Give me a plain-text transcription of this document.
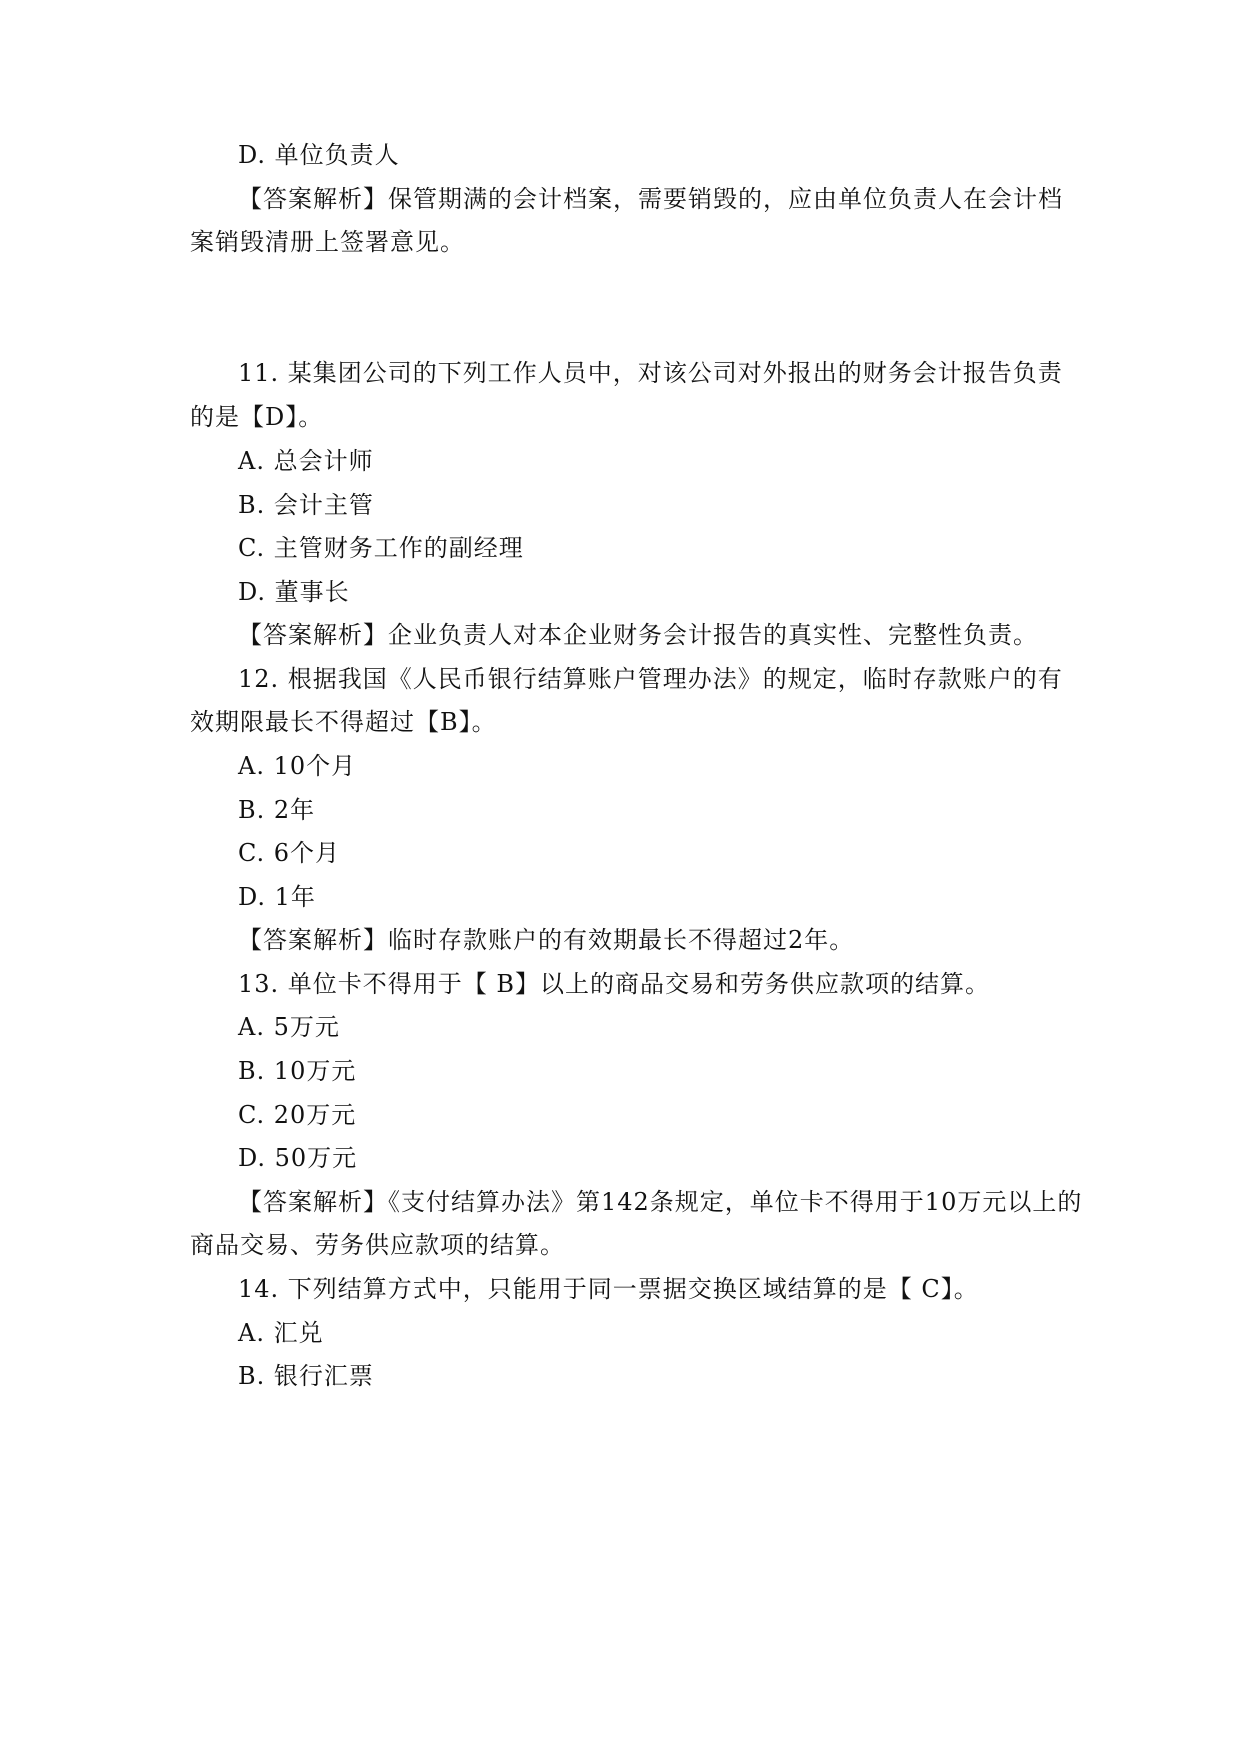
D. 单位负责人
【答案解析】保管期满的会计档案，需要销毁的，应由单位负责人在会计档
案销毁清册上签署意见。
11. 某集团公司的下列工作人员中，对该公司对外报出的财务会计报告负责
的是【D】。
A. 总会计师
B. 会计主管
C. 主管财务工作的副经理
D. 董事长
【答案解析】企业负责人对本企业财务会计报告的真实性、完整性负责。
12. 根据我国《人民币银行结算账户管理办法》的规定，临时存款账户的有
效期限最长不得超过【B】。
A. 10个月
B. 2年
C. 6个月
D. 1年
【答案解析】临时存款账户的有效期最长不得超过2年。
13. 单位卡不得用于【 B】以上的商品交易和劳务供应款项的结算。
A. 5万元
B. 10万元
C. 20万元
D. 50万元
【答案解析】《支付结算办法》第142条规定，单位卡不得用于10万元以上的
商品交易、劳务供应款项的结算。
14. 下列结算方式中，只能用于同一票据交换区域结算的是【 C】。
A. 汇兑
B. 银行汇票
